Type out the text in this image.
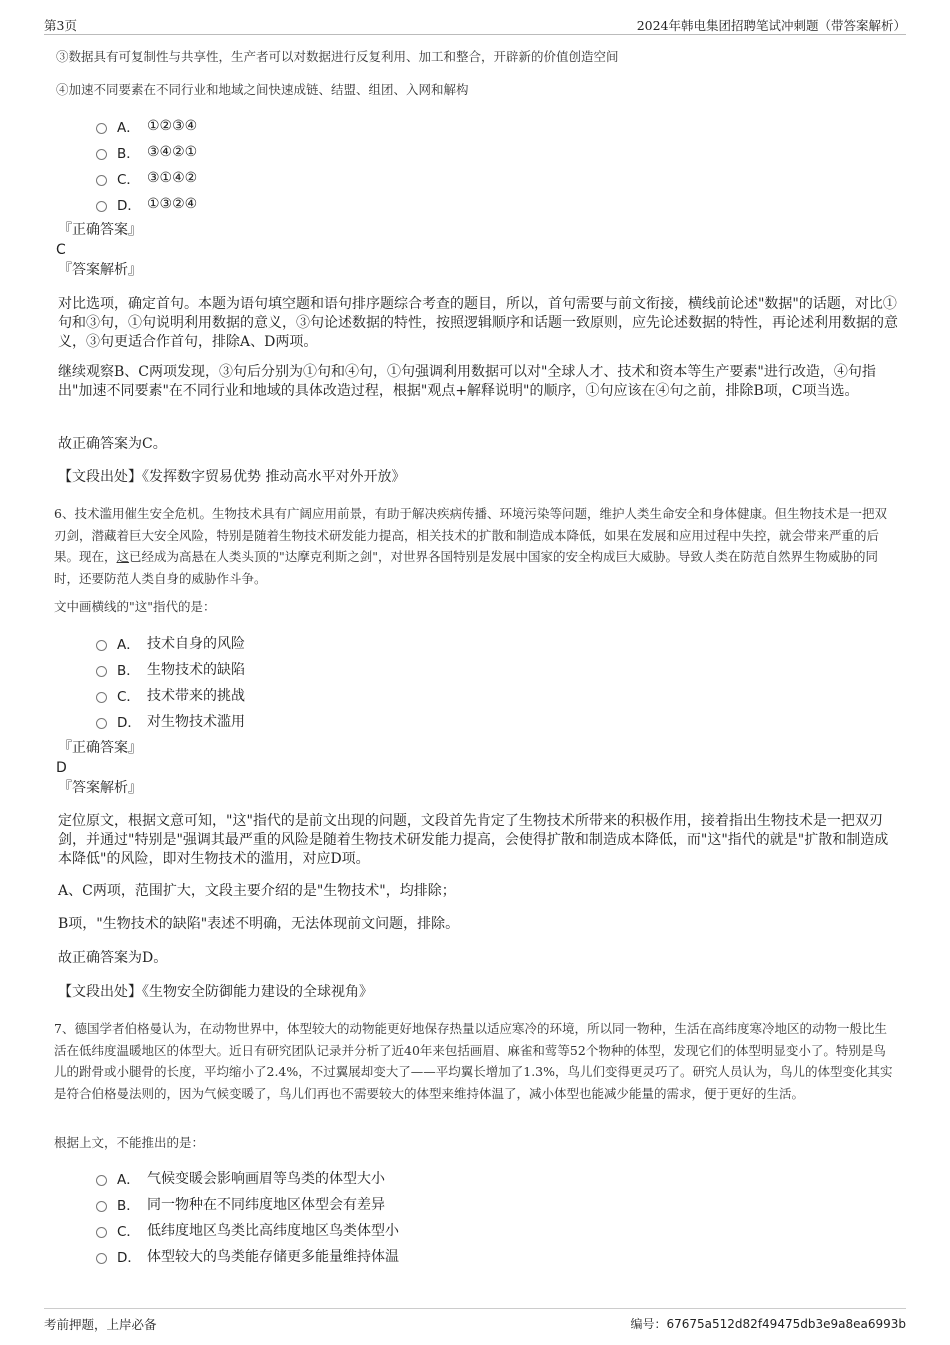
第3页	2024年韩电集团招聘笔试冲刺题（带答案解析）
③数据具有可复制性与共享性，生产者可以对数据进行反复利用、加工和整合，开辟新的价值创造空间
④加速不同要素在不同行业和地域之间快速成链、结盟、组团、入网和解构
A． ①②③④
B． ③④②①
C． ③①④②
D． ①③②④
『正确答案』
C
『答案解析』
对比选项，确定首句。本题为语句填空题和语句排序题综合考查的题目，所以，首句需要与前文衔接，横线前论述"数据"的话题，对比①句和③句，①句说明利用数据的意义，③句论述数据的特性，按照逻辑顺序和话题一致原则，应先论述数据的特性，再论述利用数据的意义，③句更适合作首句，排除A、D两项。
继续观察B、C两项发现，③句后分别为①句和④句，①句强调利用数据可以对"全球人才、技术和资本等生产要素"进行改造，④句指出"加速不同要素"在不同行业和地域的具体改造过程，根据"观点+解释说明"的顺序，①句应该在④句之前，排除B项，C项当选。
故正确答案为C。
【文段出处】《发挥数字贸易优势 推动高水平对外开放》
6、技术滥用催生安全危机。生物技术具有广阔应用前景，有助于解决疾病传播、环境污染等问题，维护人类生命安全和身体健康。但生物技术是一把双刃剑，潜藏着巨大安全风险，特别是随着生物技术研发能力提高，相关技术的扩散和制造成本降低，如果在发展和应用过程中失控，就会带来严重的后果。现在，这已经成为高悬在人类头顶的"达摩克利斯之剑"，对世界各国特别是发展中国家的安全构成巨大威胁。导致人类在防范自然界生物威胁的同时，还要防范人类自身的威胁作斗争。
文中画横线的"这"指代的是：
A． 技术自身的风险
B． 生物技术的缺陷
C． 技术带来的挑战
D． 对生物技术滥用
『正确答案』
D
『答案解析』
定位原文，根据文意可知，"这"指代的是前文出现的问题，文段首先肯定了生物技术所带来的积极作用，接着指出生物技术是一把双刃剑，并通过"特别是"强调其最严重的风险是随着生物技术研发能力提高，会使得扩散和制造成本降低，而"这"指代的就是"扩散和制造成本降低"的风险，即对生物技术的滥用，对应D项。
A、C两项，范围扩大，文段主要介绍的是"生物技术"，均排除；
B项，"生物技术的缺陷"表述不明确，无法体现前文问题，排除。
故正确答案为D。
【文段出处】《生物安全防御能力建设的全球视角》
7、德国学者伯格曼认为，在动物世界中，体型较大的动物能更好地保存热量以适应寒冷的环境，所以同一物种，生活在高纬度寒冷地区的动物一般比生活在低纬度温暖地区的体型大。近日有研究团队记录并分析了近40年来包括画眉、麻雀和莺等52个物种的体型，发现它们的体型明显变小了。特别是鸟儿的跗骨或小腿骨的长度，平均缩小了2.4%，不过翼展却变大了——平均翼长增加了1.3%，鸟儿们变得更灵巧了。研究人员认为，鸟儿的体型变化其实是符合伯格曼法则的，因为气候变暖了，鸟儿们再也不需要较大的体型来维持体温了，减小体型也能减少能量的需求，便于更好的生活。
根据上文，不能推出的是：
A． 气候变暖会影响画眉等鸟类的体型大小
B． 同一物种在不同纬度地区体型会有差异
C． 低纬度地区鸟类比高纬度地区鸟类体型小
D． 体型较大的鸟类能存储更多能量维持体温
考前押题，上岸必备	编号：67675a512d82f49475db3e9a8ea6993b
